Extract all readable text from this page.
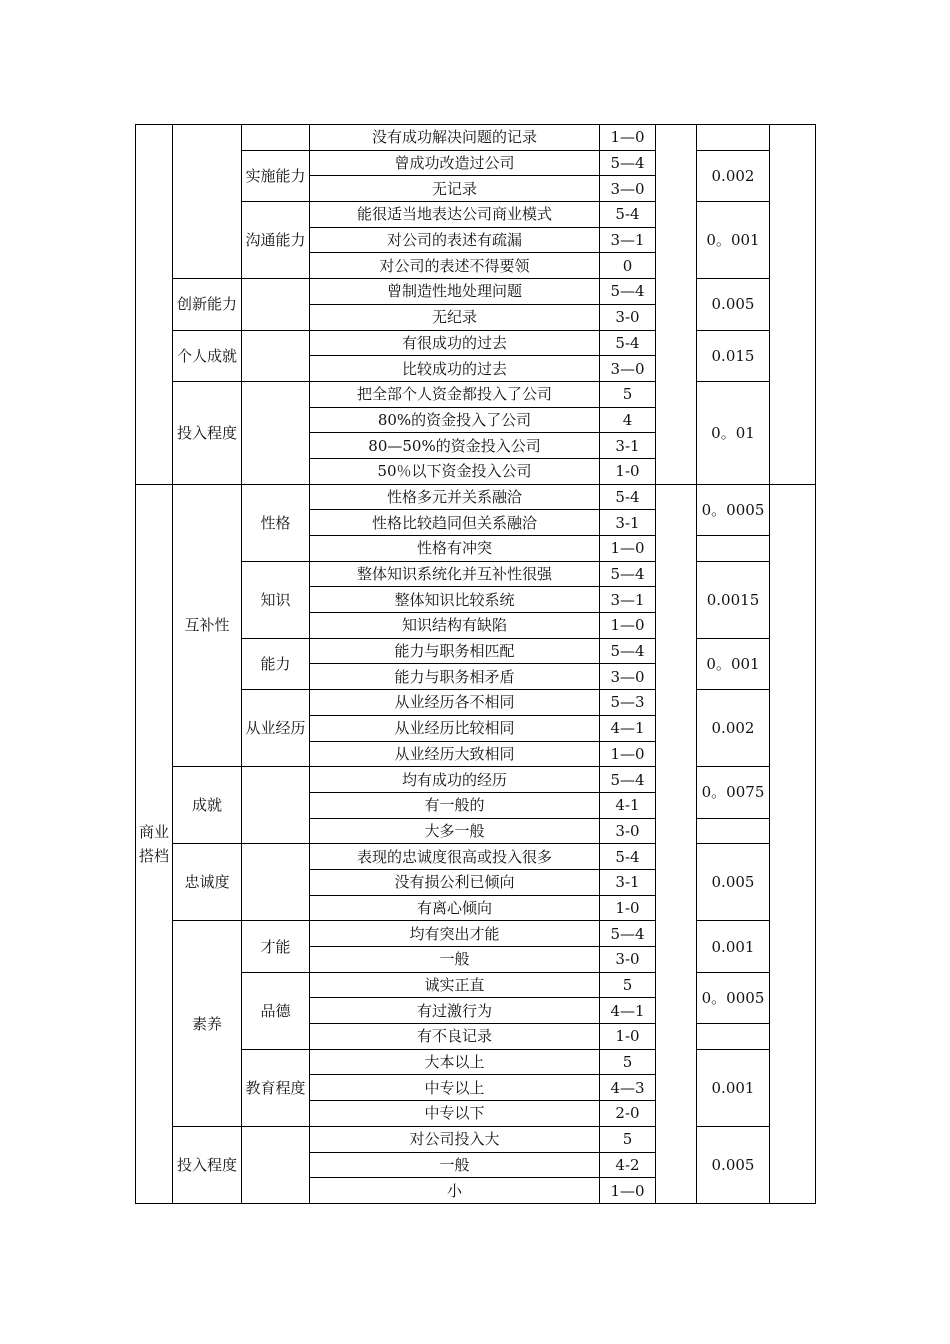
			没有成功解决问题的记录	1—0			
		实施能力	曾成功改造过公司	5—4		0.002	
			无记录	3—0			
		沟通能力	能很适当地表达公司商业模式	5-4		0。001	
			对公司的表述有疏漏	3—1			
			对公司的表述不得要领	0			
	创新能力		曾制造性地处理问题	5—4		0.005	
			无纪录	3-0			
	个人成就		有很成功的过去	5-4		0.015	
			比较成功的过去	3—0			
	投入程度		把全部个人资金都投入了公司	5		0。01	
			80%的资金投入了公司	4			
			80—50%的资金投入公司	3-1			
			50％以下资金投入公司	1-0			
商业搭档	互补性	性格	性格多元并关系融洽	5-4		0。0005	
			性格比较趋同但关系融洽	3-1			
			性格有冲突	1—0			
		知识	整体知识系统化并互补性很强	5—4		0.0015	
			整体知识比较系统	3—1			
			知识结构有缺陷	1—0			
		能力	能力与职务相匹配	5—4		0。001	
			能力与职务相矛盾	3—0			
		从业经历	从业经历各不相同	5—3		0.002	
			从业经历比较相同	4—1			
			从业经历大致相同	1—0			
	成就		均有成功的经历	5—4		0。0075	
			有一般的	4-1			
			大多一般	3-0			
	忠诚度		表现的忠诚度很高或投入很多	5-4		0.005	
			没有损公利已倾向	3-1			
			有离心倾向	1-0			
	素养	才能	均有突出才能	5—4		0.001	
			一般	3-0			
		品德	诚实正直	5		0。0005	
			有过激行为	4—1			
			有不良记录	1-0			
		教育程度	大本以上	5		0.001	
			中专以上	4—3			
			中专以下	2-0			
	投入程度		对公司投入大	5		0.005	
			一般	4-2			
			小	1—0			
